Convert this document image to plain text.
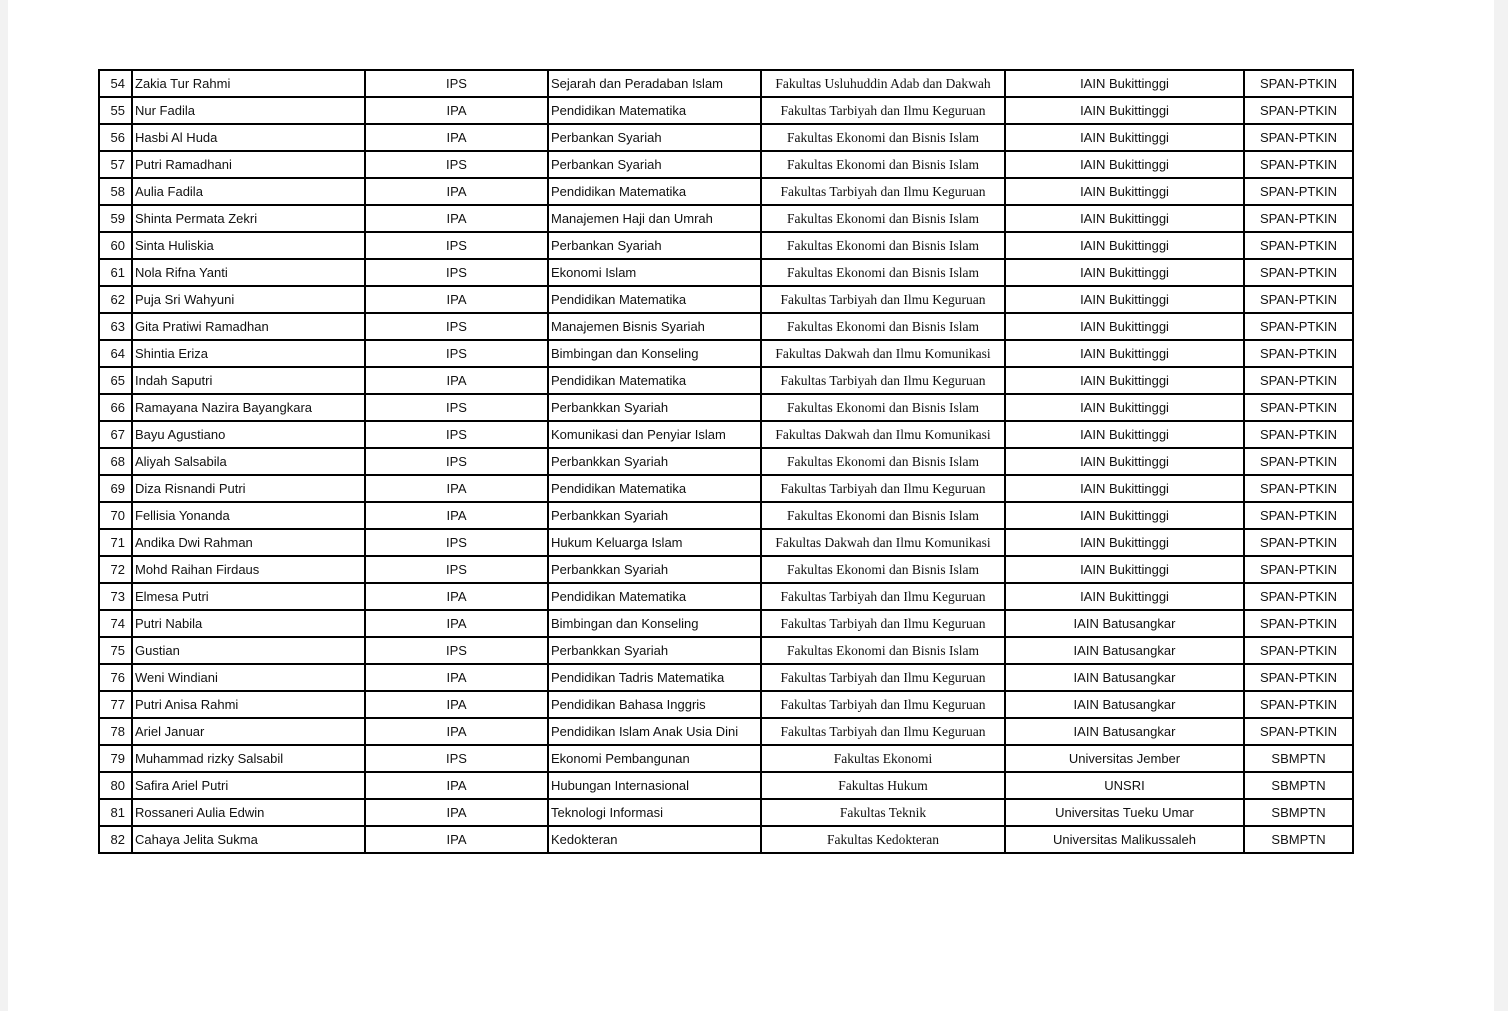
54	Zakia Tur Rahmi	IPS	Sejarah dan Peradaban Islam	Fakultas Usluhuddin Adab dan Dakwah	IAIN Bukittinggi	SPAN-PTKIN
55	Nur Fadila	IPA	Pendidikan Matematika	Fakultas Tarbiyah dan Ilmu Keguruan	IAIN Bukittinggi	SPAN-PTKIN
56	Hasbi Al Huda	IPA	Perbankan Syariah	Fakultas Ekonomi dan Bisnis Islam	IAIN Bukittinggi	SPAN-PTKIN
57	Putri Ramadhani	IPS	Perbankan Syariah	Fakultas Ekonomi dan Bisnis Islam	IAIN Bukittinggi	SPAN-PTKIN
58	Aulia Fadila	IPA	Pendidikan Matematika	Fakultas Tarbiyah dan Ilmu Keguruan	IAIN Bukittinggi	SPAN-PTKIN
59	Shinta Permata Zekri	IPA	Manajemen Haji dan Umrah	Fakultas Ekonomi dan Bisnis Islam	IAIN Bukittinggi	SPAN-PTKIN
60	Sinta Huliskia	IPS	Perbankan Syariah	Fakultas Ekonomi dan Bisnis Islam	IAIN Bukittinggi	SPAN-PTKIN
61	Nola Rifna Yanti	IPS	Ekonomi Islam	Fakultas Ekonomi dan Bisnis Islam	IAIN Bukittinggi	SPAN-PTKIN
62	Puja Sri Wahyuni	IPA	Pendidikan Matematika	Fakultas Tarbiyah dan Ilmu Keguruan	IAIN Bukittinggi	SPAN-PTKIN
63	Gita Pratiwi Ramadhan	IPS	Manajemen Bisnis Syariah	Fakultas Ekonomi dan Bisnis Islam	IAIN Bukittinggi	SPAN-PTKIN
64	Shintia Eriza	IPS	Bimbingan dan Konseling	Fakultas Dakwah dan Ilmu Komunikasi	IAIN Bukittinggi	SPAN-PTKIN
65	Indah Saputri	IPA	Pendidikan Matematika	Fakultas Tarbiyah dan Ilmu Keguruan	IAIN Bukittinggi	SPAN-PTKIN
66	Ramayana Nazira Bayangkara	IPS	Perbankkan Syariah	Fakultas Ekonomi dan Bisnis Islam	IAIN Bukittinggi	SPAN-PTKIN
67	Bayu Agustiano	IPS	Komunikasi dan Penyiar Islam	Fakultas Dakwah dan Ilmu Komunikasi	IAIN Bukittinggi	SPAN-PTKIN
68	Aliyah Salsabila	IPS	Perbankkan Syariah	Fakultas Ekonomi dan Bisnis Islam	IAIN Bukittinggi	SPAN-PTKIN
69	Diza Risnandi Putri	IPA	Pendidikan Matematika	Fakultas Tarbiyah dan Ilmu Keguruan	IAIN Bukittinggi	SPAN-PTKIN
70	Fellisia Yonanda	IPA	Perbankkan Syariah	Fakultas Ekonomi dan Bisnis Islam	IAIN Bukittinggi	SPAN-PTKIN
71	Andika Dwi Rahman	IPS	Hukum Keluarga Islam	Fakultas Dakwah dan Ilmu Komunikasi	IAIN Bukittinggi	SPAN-PTKIN
72	Mohd Raihan Firdaus	IPS	Perbankkan Syariah	Fakultas Ekonomi dan Bisnis Islam	IAIN Bukittinggi	SPAN-PTKIN
73	Elmesa Putri	IPA	Pendidikan Matematika	Fakultas Tarbiyah dan Ilmu Keguruan	IAIN Bukittinggi	SPAN-PTKIN
74	Putri Nabila	IPA	Bimbingan dan Konseling	Fakultas Tarbiyah dan Ilmu Keguruan	IAIN Batusangkar	SPAN-PTKIN
75	Gustian	IPS	Perbankkan Syariah	Fakultas Ekonomi dan Bisnis Islam	IAIN Batusangkar	SPAN-PTKIN
76	Weni Windiani	IPA	Pendidikan Tadris Matematika	Fakultas Tarbiyah dan Ilmu Keguruan	IAIN Batusangkar	SPAN-PTKIN
77	Putri Anisa Rahmi	IPA	Pendidikan Bahasa Inggris	Fakultas Tarbiyah dan Ilmu Keguruan	IAIN Batusangkar	SPAN-PTKIN
78	Ariel Januar	IPA	Pendidikan Islam Anak Usia Dini	Fakultas Tarbiyah dan Ilmu Keguruan	IAIN Batusangkar	SPAN-PTKIN
79	Muhammad rizky Salsabil	IPS	Ekonomi Pembangunan	Fakultas Ekonomi	Universitas Jember	SBMPTN
80	Safira Ariel Putri	IPA	Hubungan Internasional	Fakultas Hukum	UNSRI	SBMPTN
81	Rossaneri Aulia Edwin	IPA	Teknologi Informasi	Fakultas Teknik	Universitas Tueku Umar	SBMPTN
82	Cahaya Jelita Sukma	IPA	Kedokteran	Fakultas Kedokteran	Universitas Malikussaleh	SBMPTN
